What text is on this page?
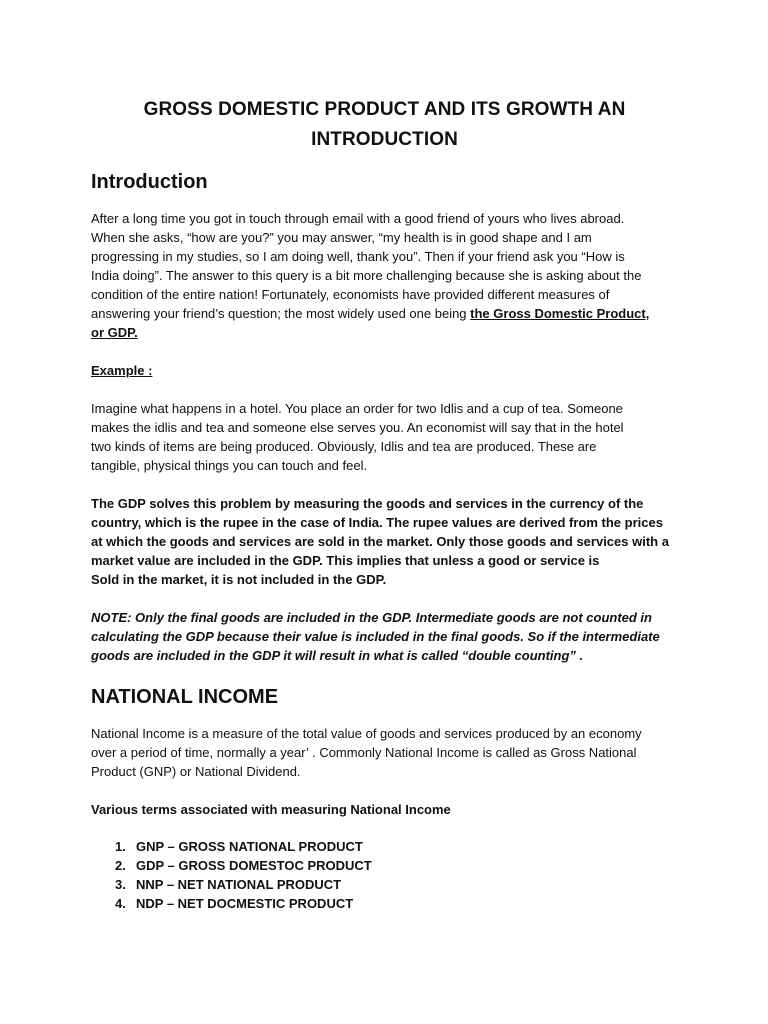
GROSS DOMESTIC PRODUCT AND ITS GROWTH AN
INTRODUCTION
Introduction
After a long time you got in touch through email with a good friend of yours who lives abroad.
When she asks, “how are you?” you may answer, “my health is in good shape and I am
progressing in my studies, so I am doing well, thank you”. Then if your friend ask you “How is
India doing”. The answer to this query is a bit more challenging because she is asking about the
condition of the entire nation! Fortunately, economists have provided different measures of
answering your friend’s question; the most widely used one being the Gross Domestic Product,
or GDP.
Example :
Imagine what happens in a hotel. You place an order for two Idlis and a cup of tea. Someone
makes the idlis and tea and someone else serves you. An economist will say that in the hotel
two kinds of items are being produced. Obviously, Idlis and tea are produced. These are
tangible, physical things you can touch and feel.
The GDP solves this problem by measuring the goods and services in the currency of the
country, which is the rupee in the case of India. The rupee values are derived from the prices
at which the goods and services are sold in the market. Only those goods and services with a
market value are included in the GDP. This implies that unless a good or service is
Sold in the market, it is not included in the GDP.
NOTE: Only the final goods are included in the GDP. Intermediate goods are not counted in
calculating the GDP because their value is included in the final goods. So if the intermediate
goods are included in the GDP it will result in what is called “double counting” .
NATIONAL INCOME
National Income is a measure of the total value of goods and services produced by an economy
over a period of time, normally a year’ . Commonly National Income is called as Gross National
Product (GNP) or National Dividend.
Various terms associated with measuring National Income
1. GNP – GROSS NATIONAL PRODUCT
2. GDP – GROSS DOMESTOC PRODUCT
3. NNP – NET NATIONAL PRODUCT
4. NDP – NET DOCMESTIC PRODUCT
